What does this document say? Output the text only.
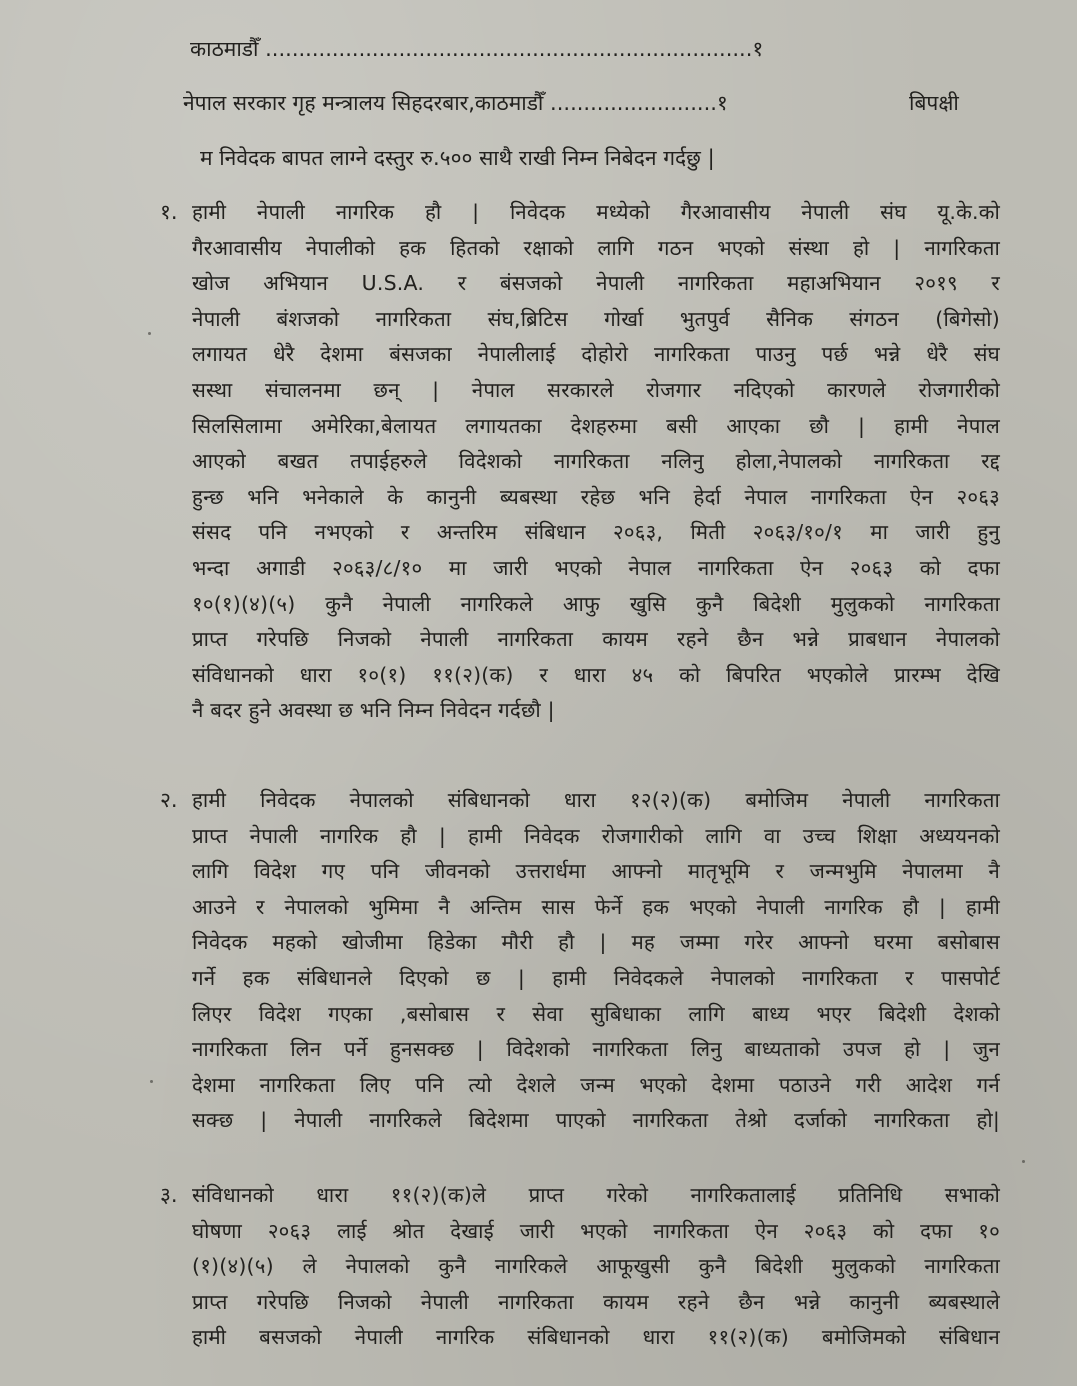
काठमाडौँ .........................................................................१
नेपाल सरकार गृह मन्त्रालय सिहदरबार,काठमाडौँ .........................१	बिपक्षी
म निवेदक बापत लाग्ने दस्तुर रु.५०० साथै राखी निम्न निबेदन गर्दछु |
१. हामी नेपाली नागरिक हौ | निवेदक मध्येको गैरआवासीय नेपाली संघ यू.के.को
गैरआवासीय नेपालीको हक हितको रक्षाको लागि गठन भएको संस्था हो | नागरिकता
खोज अभियान U.S.A. र बंसजको नेपाली नागरिकता महाअभियान २०१९ र
नेपाली बंशजको नागरिकता संघ,ब्रिटिस गोर्खा भुतपुर्व सैनिक संगठन (बिगेसो)
लगायत धेरै देशमा बंसजका नेपालीलाई दोहोरो नागरिकता पाउनु पर्छ भन्ने धेरै संघ
सस्था संचालनमा छन् | नेपाल सरकारले रोजगार नदिएको कारणले रोजगारीको
सिलसिलामा अमेरिका,बेलायत लगायतका देशहरुमा बसी आएका छौ | हामी नेपाल
आएको बखत तपाईहरुले विदेशको नागरिकता नलिनु होला,नेपालको नागरिकता रद्द
हुन्छ भनि भनेकाले के कानुनी ब्यबस्था रहेछ भनि हेर्दा नेपाल नागरिकता ऐन २०६३
संसद पनि नभएको र अन्तरिम संबिधान २०६३, मिती २०६३/१०/१ मा जारी हुनु
भन्दा अगाडी २०६३/८/१० मा जारी भएको नेपाल नागरिकता ऐन २०६३ को दफा
१०(१)(४)(५) कुनै नेपाली नागरिकले आफु खुसि कुनै बिदेशी मुलुकको नागरिकता
प्राप्त गरेपछि निजको नेपाली नागरिकता कायम रहने छैन भन्ने प्राबधान नेपालको
संविधानको धारा १०(१) ११(२)(क) र धारा ४५ को बिपरित भएकोले प्रारम्भ देखि
नै बदर हुने अवस्था छ भनि निम्न निवेदन गर्दछौ |
२. हामी निवेदक नेपालको संबिधानको धारा १२(२)(क) बमोजिम नेपाली नागरिकता
प्राप्त नेपाली नागरिक हौ | हामी निवेदक रोजगारीको लागि वा उच्च शिक्षा अध्ययनको
लागि विदेश गए पनि जीवनको उत्तरार्धमा आफ्नो मातृभूमि र जन्मभुमि नेपालमा नै
आउने र नेपालको भुमिमा नै अन्तिम सास फेर्ने हक भएको नेपाली नागरिक हौ | हामी
निवेदक महको खोजीमा हिडेका मौरी हौ | मह जम्मा गरेर आफ्नो घरमा बसोबास
गर्ने हक संबिधानले दिएको छ | हामी निवेदकले नेपालको नागरिकता र पासपोर्ट
लिएर विदेश गएका ,बसोबास र सेवा सुबिधाका लागि बाध्य भएर बिदेशी देशको
नागरिकता लिन पर्ने हुनसक्छ | विदेशको नागरिकता लिनु बाध्यताको उपज हो | जुन
देशमा नागरिकता लिए पनि त्यो देशले जन्म भएको देशमा पठाउने गरी आदेश गर्न
सक्छ | नेपाली नागरिकले बिदेशमा पाएको नागरिकता तेश्रो दर्जाको नागरिकता हो|
३. संविधानको धारा ११(२)(क)ले प्राप्त गरेको नागरिकतालाई प्रतिनिधि सभाको
घोषणा २०६३ लाई श्रोत देखाई जारी भएको नागरिकता ऐन २०६३ को दफा १०
(१)(४)(५) ले नेपालको कुनै नागरिकले आफूखुसी कुनै बिदेशी मुलुकको नागरिकता
प्राप्त गरेपछि निजको नेपाली नागरिकता कायम रहने छैन भन्ने कानुनी ब्यबस्थाले
हामी बसजको नेपाली नागरिक संबिधानको धारा ११(२)(क) बमोजिमको संबिधान
